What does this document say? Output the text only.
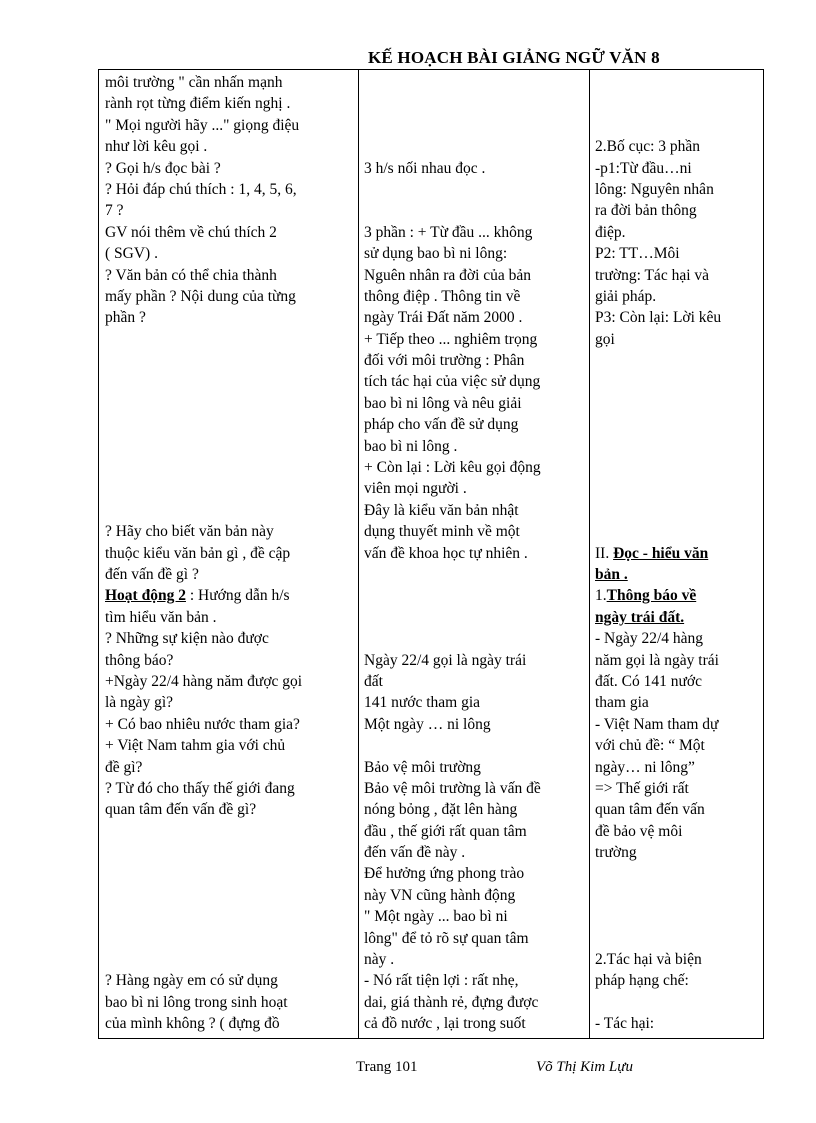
KẾ HOẠCH BÀI GIẢNG NGỮ VĂN 8
môi trường " cần nhấn mạnh
rành rọt từng điểm kiến nghị .
" Mọi người hãy ..." giọng điệu
như lời kêu gọi .
? Gọi h/s đọc bài ?
? Hỏi đáp chú thích : 1, 4, 5, 6,
7 ?
GV nói thêm về chú thích 2
( SGV) .
? Văn bản có thể chia thành
mấy phần ? Nội dung của từng
phần ?
? Hãy cho biết văn bản này
thuộc kiểu văn bản gì , đề cập
đến vấn đề gì ?
Hoạt động 2 : Hướng dẫn h/s
tìm hiểu văn bản .
? Những sự kiện nào được
thông báo?
+Ngày 22/4 hàng năm được gọi
là ngày gì?
+ Có bao nhiêu nước tham gia?
+ Việt Nam tahm gia với chủ
đề gì?
? Từ đó cho thấy thế giới đang
quan tâm đến vấn đề gì?
? Hàng ngày em có sử dụng
bao bì ni lông trong sinh hoạt
của mình không ? ( đựng đồ
3 h/s nối nhau đọc .
3 phần : + Từ đầu ... không
sử dụng bao bì ni lông:
Nguên nhân ra đời của bản
thông điệp . Thông tin về
ngày Trái Đất năm 2000 .
+ Tiếp theo ... nghiêm trọng
đối với môi trường : Phân
tích tác hại của việc sử dụng
bao bì ni lông và nêu giải
pháp cho vấn đề sử dụng
bao bì ni lông .
+ Còn lại : Lời kêu gọi động
viên mọi người .
Đây là kiểu văn bản nhật
dụng thuyết minh về một
vấn đề khoa học tự nhiên .
Ngày 22/4 gọi là ngày trái
đất
141 nước tham gia
Một ngày … ni lông
Bảo vệ môi trường
Bảo vệ môi trường là vấn đề
nóng bỏng , đặt lên hàng
đầu , thế giới rất quan tâm
đến vấn đề này .
Để hưởng ứng phong trào
này VN cũng hành động
" Một ngày ... bao bì ni
lông" để tỏ rõ sự quan tâm
này .
- Nó rất tiện lợi : rất nhẹ,
dai, giá thành rẻ, đựng được
cả đồ nước , lại trong suốt
2.Bố cục: 3 phần
-p1:Từ đầu…ni
lông: Nguyên nhân
ra đời bản thông
điệp.
P2: TT…Môi
trường: Tác hại và
giải pháp.
P3: Còn lại: Lời kêu
gọi
II. Đọc - hiểu văn
bản .
1.Thông báo về
ngày trái đất.
- Ngày 22/4 hàng
năm gọi là ngày trái
đất. Có 141 nước
tham gia
- Việt Nam tham dự
với chủ đề: “ Một
ngày… ni lông”
=> Thế giới rất
quan tâm đến vấn
đề bảo vệ môi
trường
2.Tác hại và biện
pháp hạng chế:
- Tác hại:
Trang 101	Võ Thị Kim Lựu
